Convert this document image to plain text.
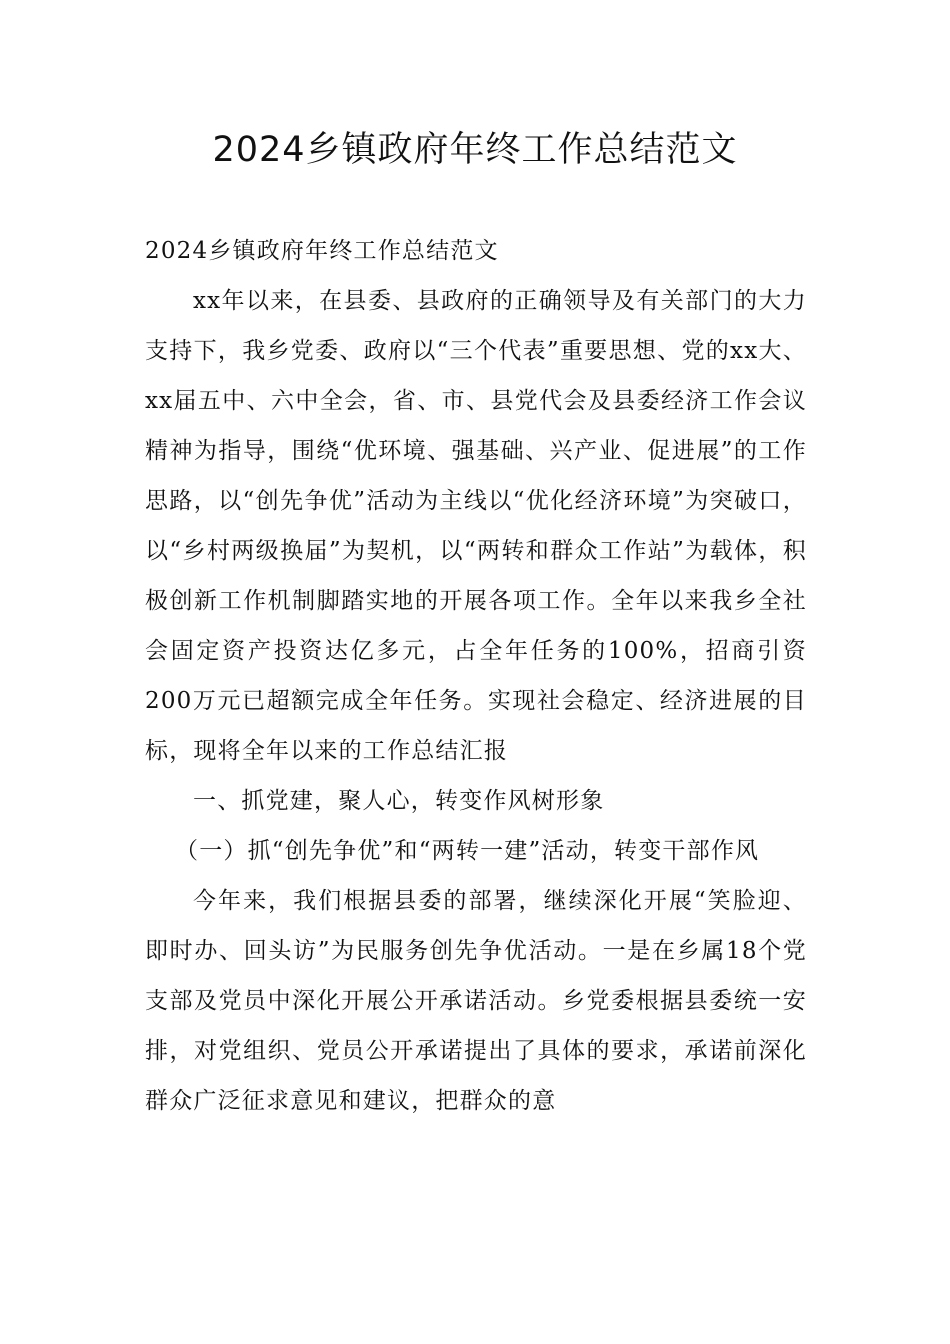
2024乡镇政府年终工作总结范文

2024乡镇政府年终工作总结范文

xx年以来，在县委、县政府的正确领导及有关部门的大力支持下，我乡党委、政府以“三个代表”重要思想、党的xx大、xx届五中、六中全会，省、市、县党代会及县委经济工作会议精神为指导，围绕“优环境、强基础、兴产业、促进展”的工作思路，以“创先争优”活动为主线以“优化经济环境”为突破口，以“乡村两级换届”为契机，以“两转和群众工作站”为载体，积极创新工作机制脚踏实地的开展各项工作。全年以来我乡全社会固定资产投资达亿多元，占全年任务的100%，招商引资200万元已超额完成全年任务。实现社会稳定、经济进展的目标，现将全年以来的工作总结汇报

一、抓党建，聚人心，转变作风树形象

（一）抓“创先争优”和“两转一建”活动，转变干部作风

今年来，我们根据县委的部署，继续深化开展“笑脸迎、即时办、回头访”为民服务创先争优活动。一是在乡属18个党支部及党员中深化开展公开承诺活动。乡党委根据县委统一安排，对党组织、党员公开承诺提出了具体的要求，承诺前深化群众广泛征求意见和建议，把群众的意
